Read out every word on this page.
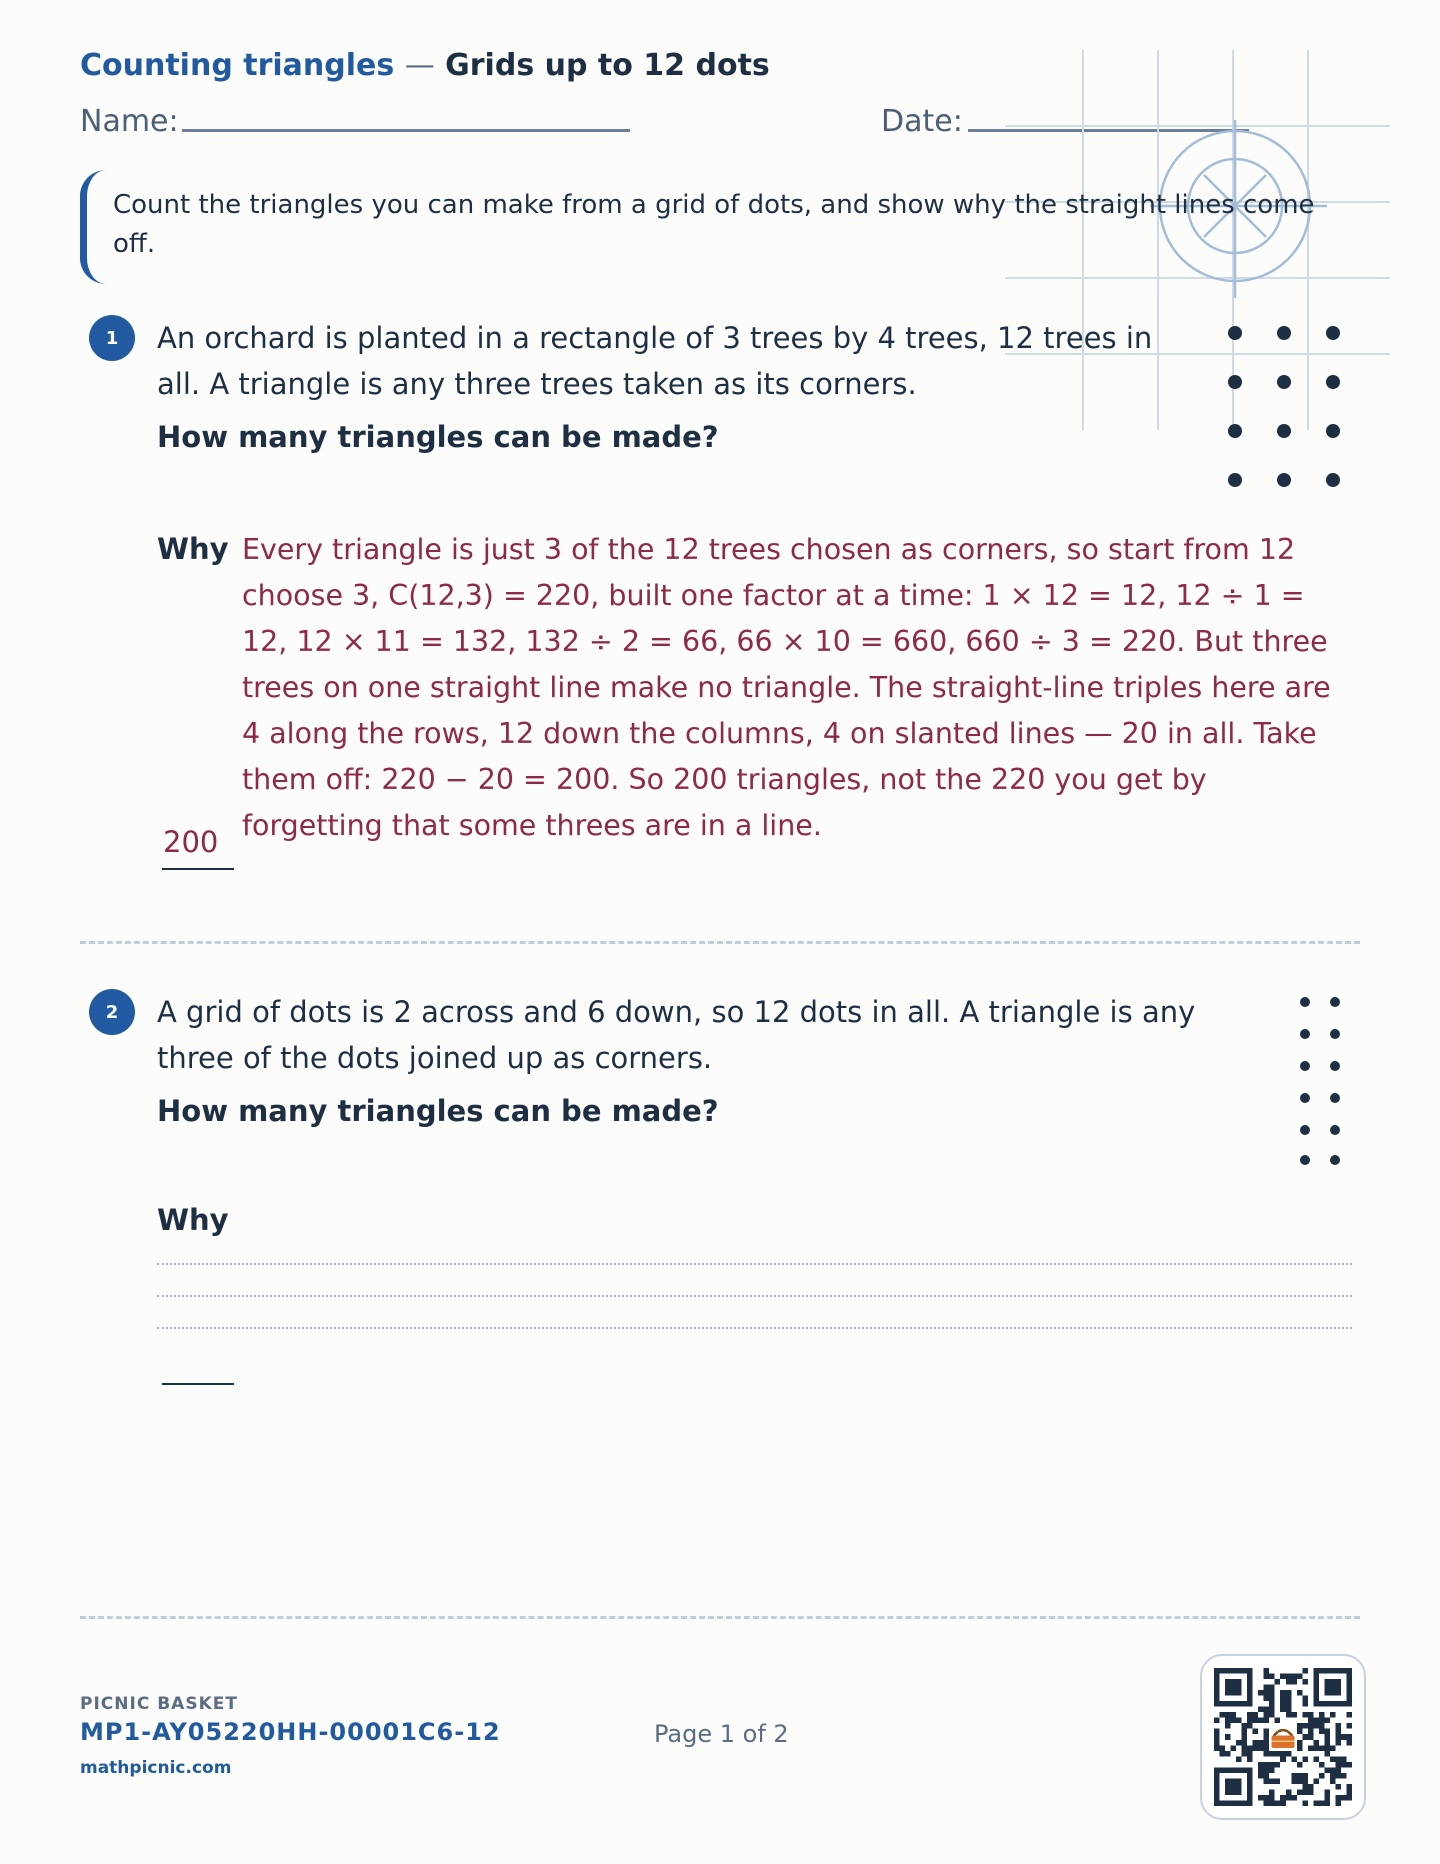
Counting triangles — Grids up to 12 dots
Name:	Date:
Count the triangles you can make from a grid of dots, and show why the straight lines come off.
1	An orchard is planted in a rectangle of 3 trees by 4 trees, 12 trees in all. A triangle is any three trees taken as its corners.
How many triangles can be made?
Why Every triangle is just 3 of the 12 trees chosen as corners, so start from 12 choose 3, C(12,3) = 220, built one factor at a time: 1 × 12 = 12, 12 ÷ 1 = 12, 12 × 11 = 132, 132 ÷ 2 = 66, 66 × 10 = 660, 660 ÷ 3 = 220. But three trees on one straight line make no triangle. The straight-line triples here are 4 along the rows, 12 down the columns, 4 on slanted lines — 20 in all. Take them off: 220 − 20 = 200. So 200 triangles, not the 220 you get by forgetting that some threes are in a line.
200
2	A grid of dots is 2 across and 6 down, so 12 dots in all. A triangle is any three of the dots joined up as corners.
How many triangles can be made?
Why
PICNIC BASKET
MP1-AY05220HH-00001C6-12
mathpicnic.com
Page 1 of 2
